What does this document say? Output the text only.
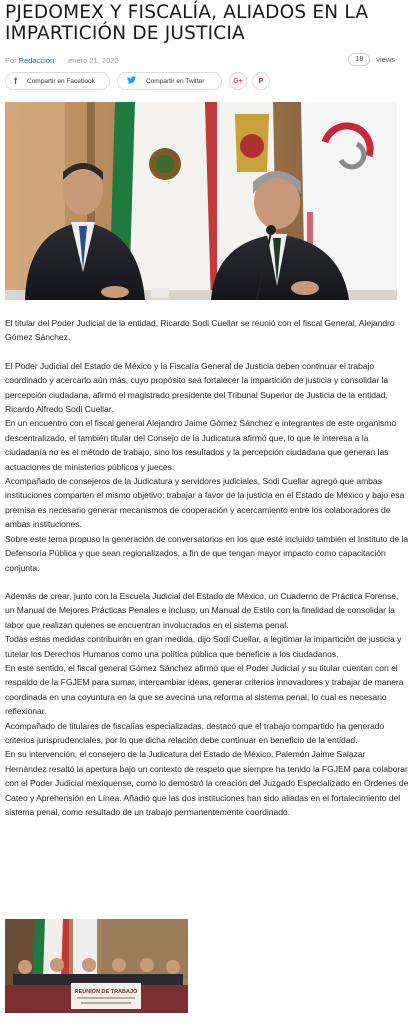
PJEDOMEX Y FISCALÍA, ALIADOS EN LA IMPARTICIÓN DE JUSTICIA
Por Redacción enero 21, 2020	18	views
f Compartir en Facebook	Compartir en Twitter	G+ P

El titular del Poder Judicial de la entidad, Ricardo Sodi Cuellar se reunió con el fiscal General, Alejandro Gómez Sánchez.

El Poder Judicial del Estado de México y la Fiscalía General de Justicia deben continuar el trabajo coordinado y acercarlo aún más, cuyo propósito sea fortalecer la impartición de justicia y consolidar la percepción ciudadana, afirmó el magistrado presidente del Tribunal Superior de Justicia de la entidad, Ricardo Alfredo Sodi Cuellar.

En un encuentro con el fiscal general Alejandro Jaime Gómez Sánchez e integrantes de este organismo descentralizado, el también titular del Consejo de la Judicatura afirmó que, lo que le interesa a la ciudadanía no es el método de trabajo, sino los resultados y la percepción ciudadana que generan las actuaciones de ministerios públicos y jueces.

Acompañado de consejeros de la Judicatura y servidores judiciales, Sodi Cuellar agregó que ambas instituciones comparten el mismo objetivo: trabajar a favor de la justicia en el Estado de México y bajo esa premisa es necesario generar mecanismos de cooperación y acercamiento entre los colaboradores de ambas instituciones.

Sobre este tema propuso la generación de conversatorios en los que esté incluido también el Instituto de la Defensoría Pública y que sean regionalizados, a fin de que tengan mayor impacto como capacitación conjunta.

Además de crear, junto con la Escuela Judicial del Estado de México, un Cuaderno de Práctica Forense, un Manual de Mejores Prácticas Penales e incluso, un Manual de Estilo con la finalidad de consolidar la labor que realizan quienes se encuentran involucrados en el sistema penal.

Todas estas medidas contribuirán en gran medida, dijo Sodi Cuellar, a legitimar la impartición de justicia y tutelar los Derechos Humanos como una política pública que beneficie a los ciudadanos.

En este sentido, el fiscal general Gómez Sánchez afirmó que el Poder Judicial y su titular cuentan con el respaldo de la FGJEM para sumar, intercambiar ideas, generar criterios innovadores y trabajar de manera coordinada en una coyuntura en la que se avecina una reforma al sistema penal, lo cual es necesario reflexionar.

Acompañado de titulares de fiscalías especializadas, destacó que el trabajo compartido ha generado criterios jurisprudenciales, por lo que dicha relación debe continuar en beneficio de la entidad.

En su intervención, el consejero de la Judicatura del Estado de México, Palemón Jaime Salazar Hernández resaltó la apertura bajo un contexto de respeto que siempre ha tenido la FGJEM para colaborar con el Poder Judicial mexiquense, como lo demostró la creación del Juzgado Especializado en Órdenes de Cateo y Aprehensión en Línea. Añadió que las dos instituciones han sido aliadas en el fortalecimiento del sistema penal, como resultado de un trabajo permanentemente coordinado.

REUNIÓN DE TRABAJO
